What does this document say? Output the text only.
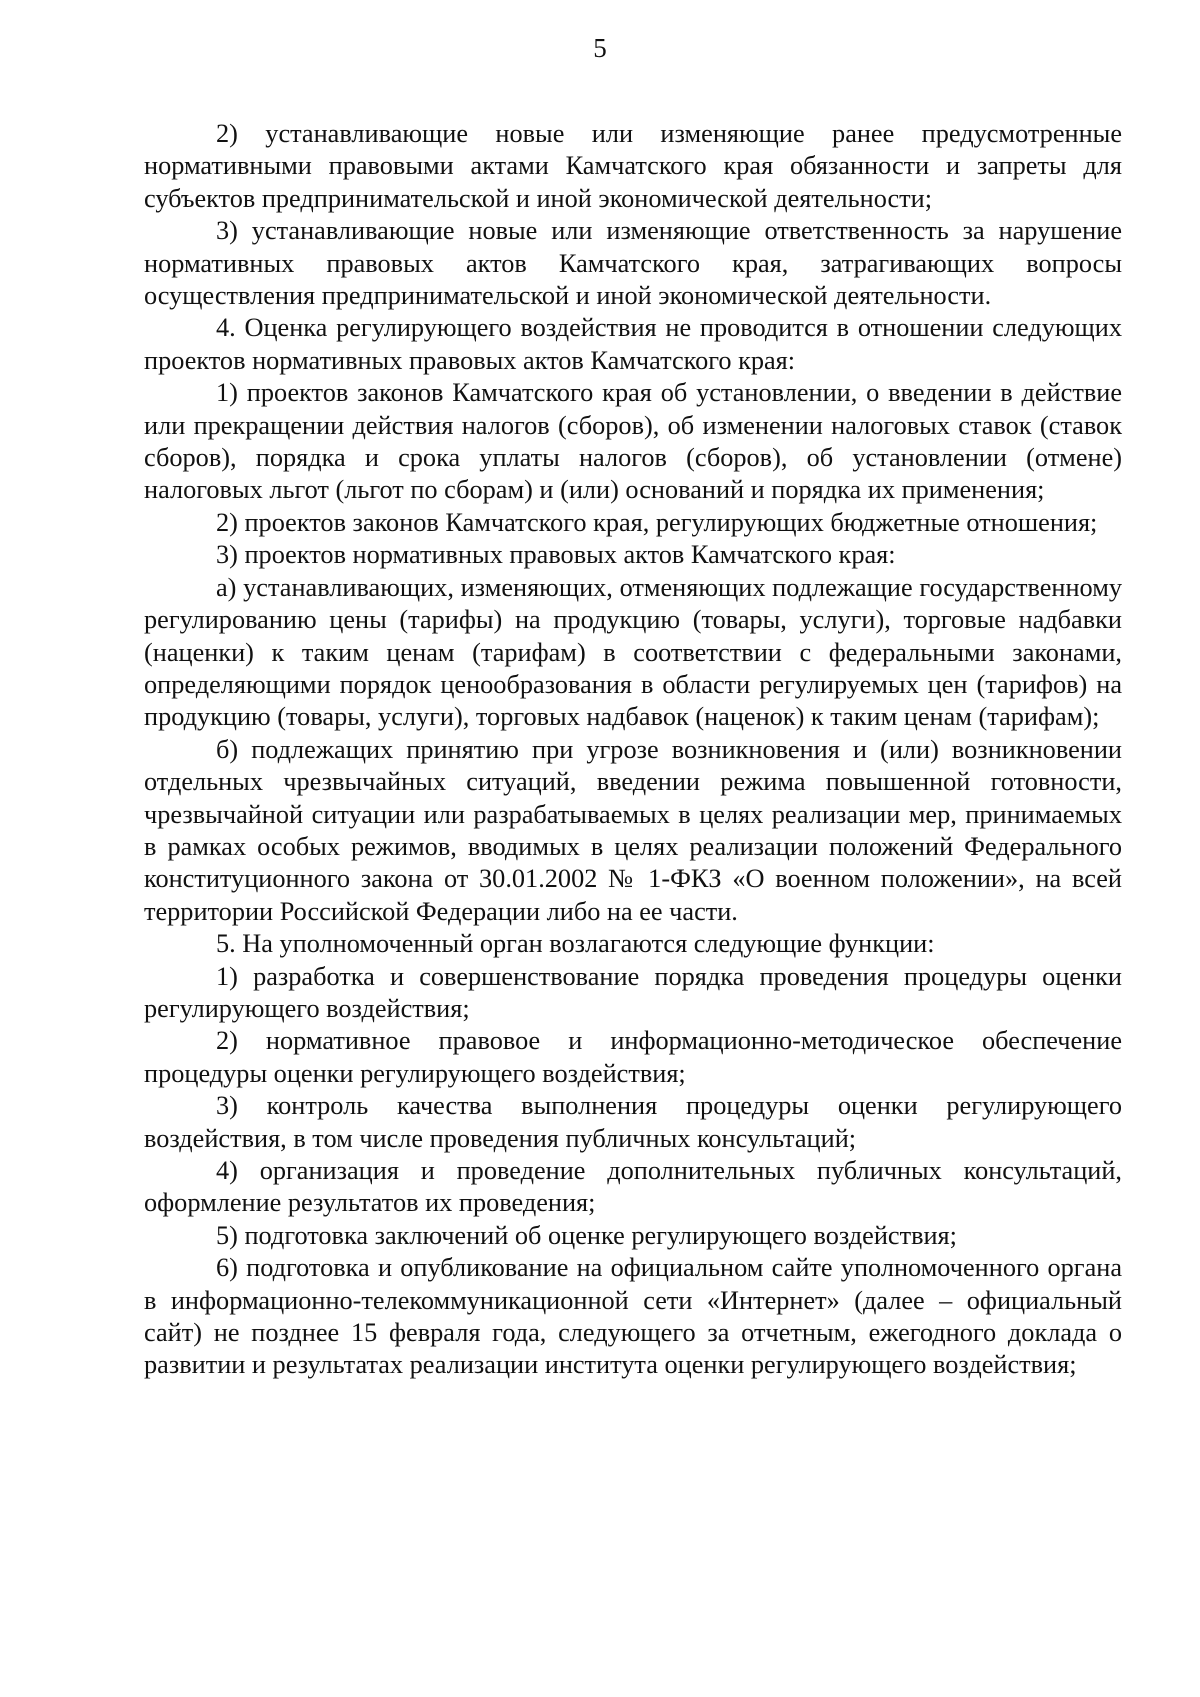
5

2) устанавливающие новые или изменяющие ранее предусмотренные нормативными правовыми актами Камчатского края обязанности и запреты для субъектов предпринимательской и иной экономической деятельности;

3) устанавливающие новые или изменяющие ответственность за нарушение нормативных правовых актов Камчатского края, затрагивающих вопросы осуществления предпринимательской и иной экономической деятельности.

4. Оценка регулирующего воздействия не проводится в отношении следующих проектов нормативных правовых актов Камчатского края:

1) проектов законов Камчатского края об установлении, о введении в действие или прекращении действия налогов (сборов), об изменении налоговых ставок (ставок сборов), порядка и срока уплаты налогов (сборов), об установлении (отмене) налоговых льгот (льгот по сборам) и (или) оснований и порядка их применения;

2) проектов законов Камчатского края, регулирующих бюджетные отношения;

3) проектов нормативных правовых актов Камчатского края:

а) устанавливающих, изменяющих, отменяющих подлежащие государственному регулированию цены (тарифы) на продукцию (товары, услуги), торговые надбавки (наценки) к таким ценам (тарифам) в соответствии с федеральными законами, определяющими порядок ценообразования в области регулируемых цен (тарифов) на продукцию (товары, услуги), торговых надбавок (наценок) к таким ценам (тарифам);

б) подлежащих принятию при угрозе возникновения и (или) возникновении отдельных чрезвычайных ситуаций, введении режима повышенной готовности, чрезвычайной ситуации или разрабатываемых в целях реализации мер, принимаемых в рамках особых режимов, вводимых в целях реализации положений Федерального конституционного закона от 30.01.2002 № 1-ФКЗ «О военном положении», на всей территории Российской Федерации либо на ее части.

5. На уполномоченный орган возлагаются следующие функции:

1) разработка и совершенствование порядка проведения процедуры оценки регулирующего воздействия;

2) нормативное правовое и информационно-методическое обеспечение процедуры оценки регулирующего воздействия;

3) контроль качества выполнения процедуры оценки регулирующего воздействия, в том числе проведения публичных консультаций;

4) организация и проведение дополнительных публичных консультаций, оформление результатов их проведения;

5) подготовка заключений об оценке регулирующего воздействия;

6) подготовка и опубликование на официальном сайте уполномоченного органа в информационно-телекоммуникационной сети «Интернет» (далее – официальный сайт) не позднее 15 февраля года, следующего за отчетным, ежегодного доклада о развитии и результатах реализации института оценки регулирующего воздействия;
